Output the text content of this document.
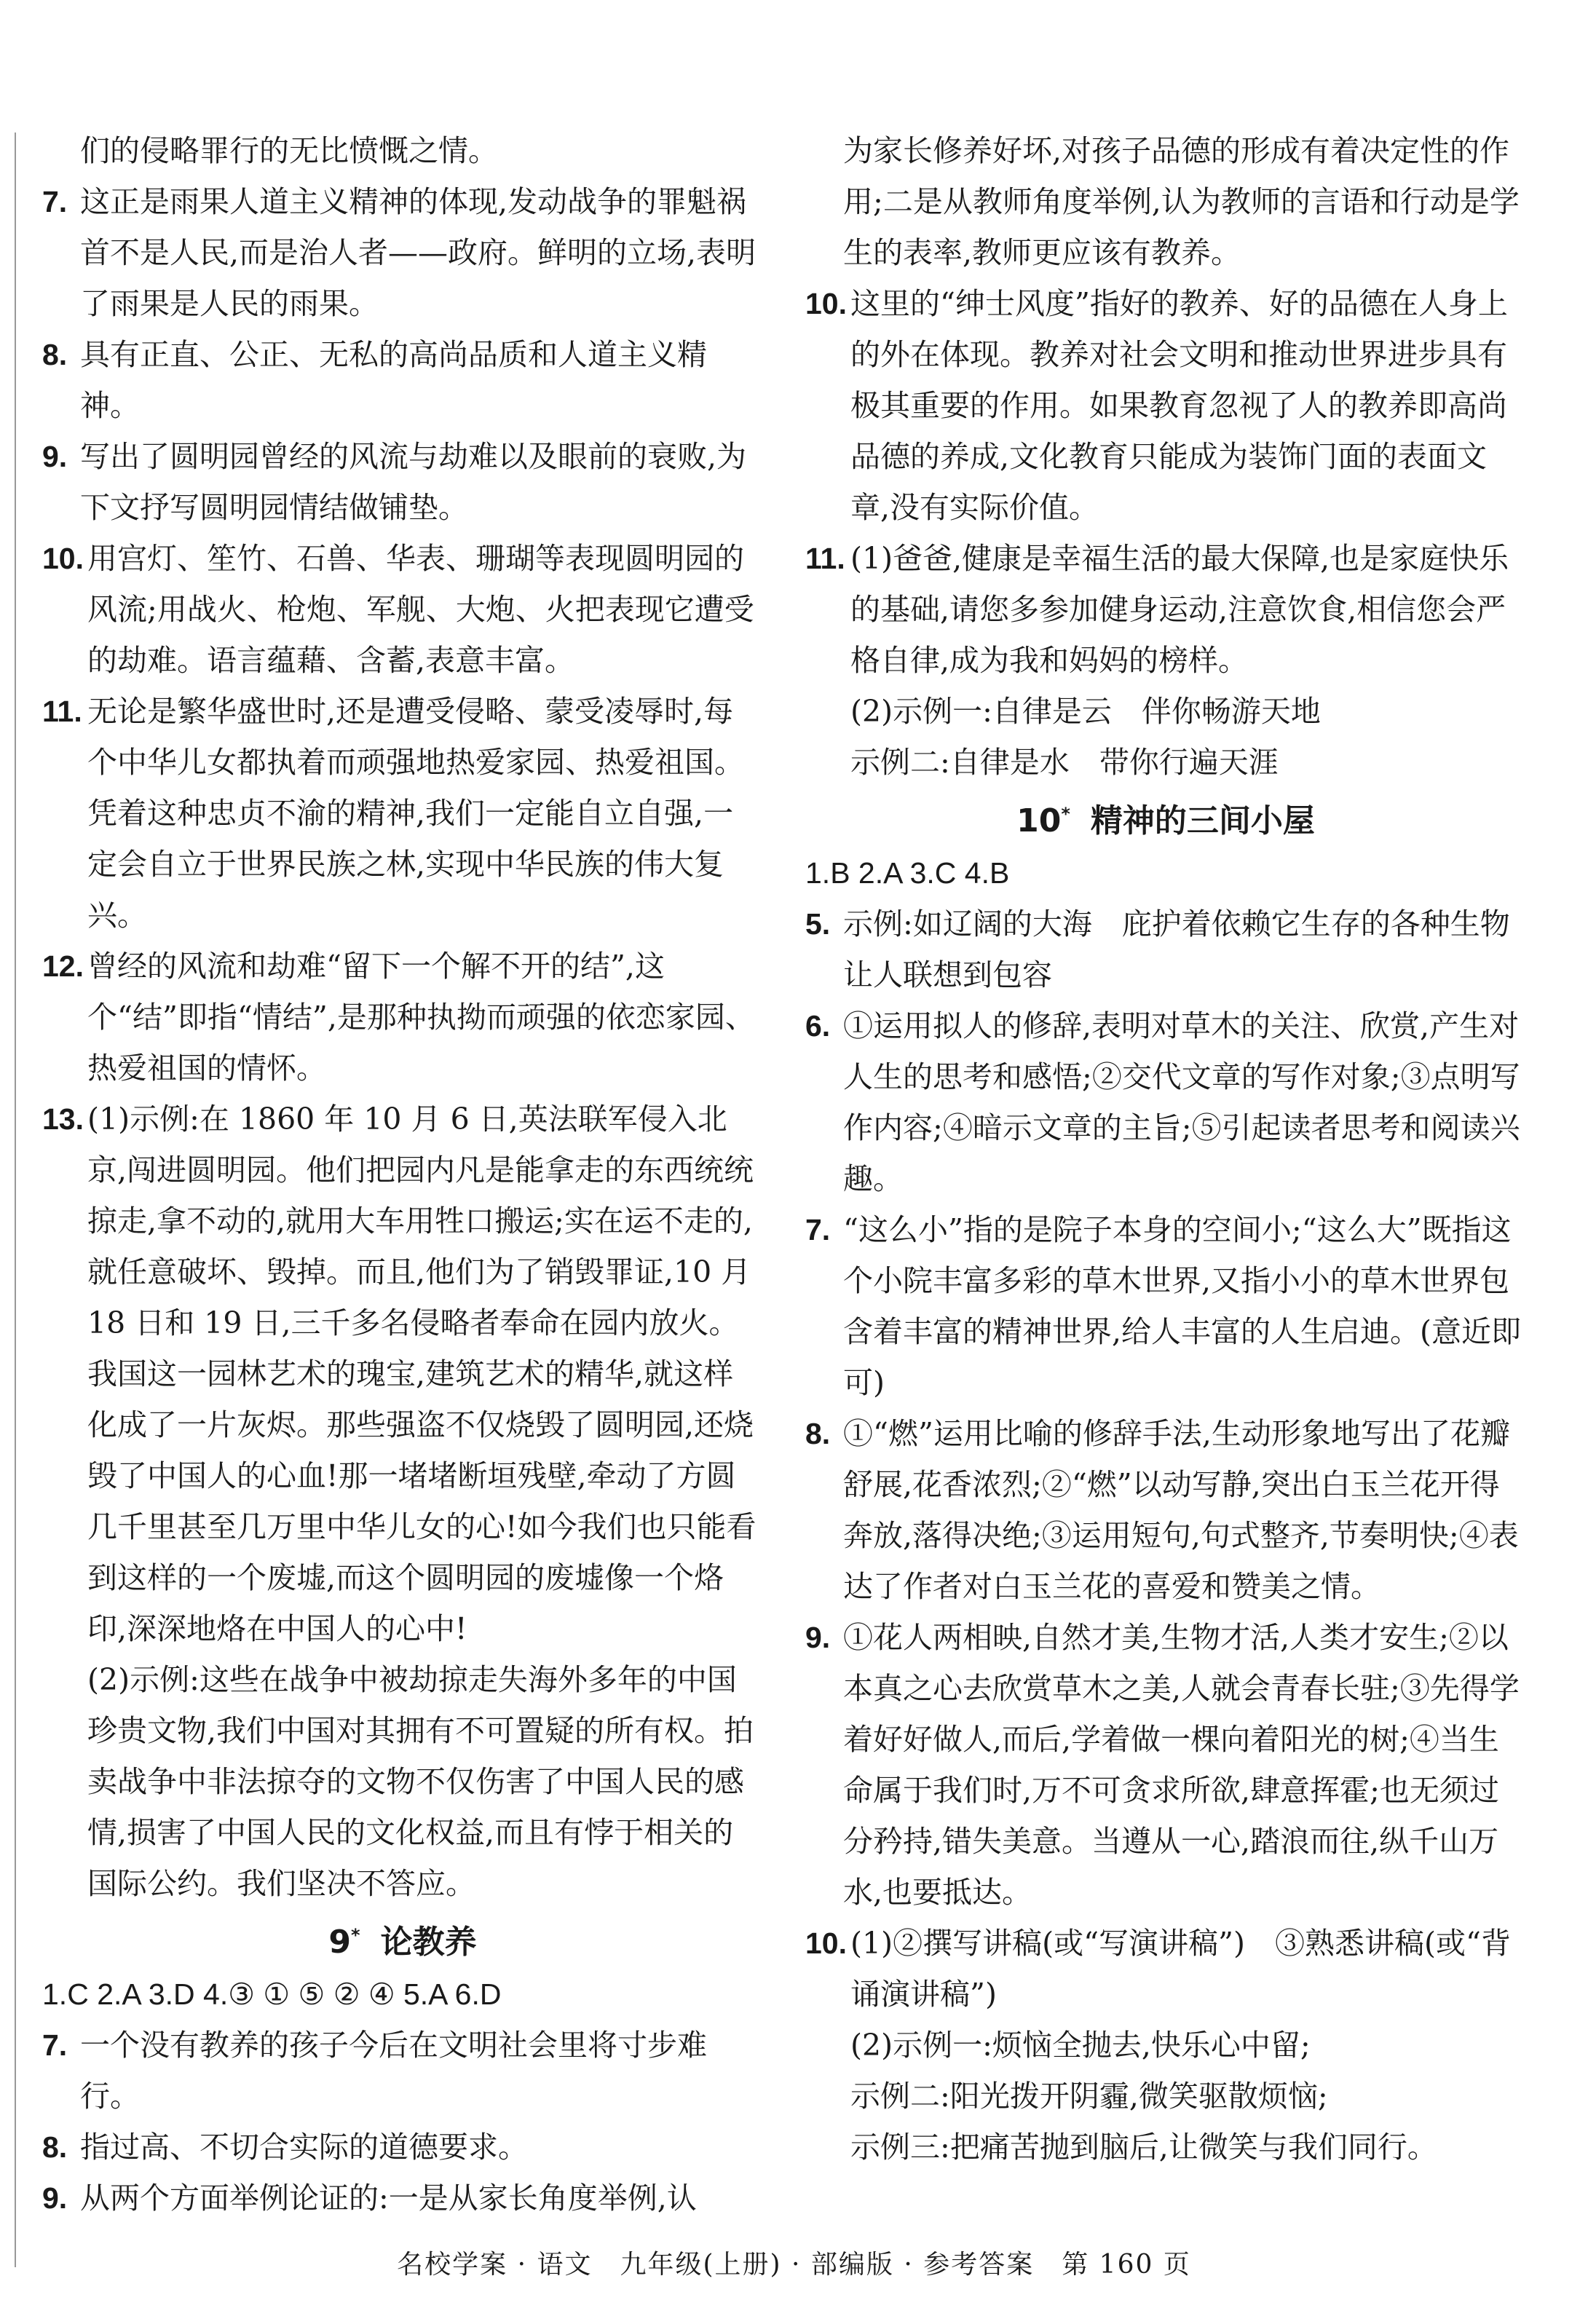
们的侵略罪行的无比愤慨之情。
7. 这正是雨果人道主义精神的体现,发动战争的罪魁祸首不是人民,而是治人者——政府。鲜明的立场,表明了雨果是人民的雨果。
8. 具有正直、公正、无私的高尚品质和人道主义精神。
9. 写出了圆明园曾经的风流与劫难以及眼前的衰败,为下文抒写圆明园情结做铺垫。
10. 用宫灯、笙竹、石兽、华表、珊瑚等表现圆明园的风流;用战火、枪炮、军舰、大炮、火把表现它遭受的劫难。语言蕴藉、含蓄,表意丰富。
11. 无论是繁华盛世时,还是遭受侵略、蒙受凌辱时,每个中华儿女都执着而顽强地热爱家园、热爱祖国。凭着这种忠贞不渝的精神,我们一定能自立自强,一定会自立于世界民族之林,实现中华民族的伟大复兴。
12. 曾经的风流和劫难“留下一个解不开的结”,这个“结”即指“情结”,是那种执拗而顽强的依恋家园、热爱祖国的情怀。
13. (1)示例:在 1860 年 10 月 6 日,英法联军侵入北京,闯进圆明园。他们把园内凡是能拿走的东西统统掠走,拿不动的,就用大车用牲口搬运;实在运不走的,就任意破坏、毁掉。而且,他们为了销毁罪证,10 月 18 日和 19 日,三千多名侵略者奉命在园内放火。我国这一园林艺术的瑰宝,建筑艺术的精华,就这样化成了一片灰烬。那些强盗不仅烧毁了圆明园,还烧毁了中国人的心血!那一堵堵断垣残壁,牵动了方圆几千里甚至几万里中华儿女的心!如今我们也只能看到这样的一个废墟,而这个圆明园的废墟像一个烙印,深深地烙在中国人的心中!
(2)示例:这些在战争中被劫掠走失海外多年的中国珍贵文物,我们中国对其拥有不可置疑的所有权。拍卖战争中非法掠夺的文物不仅伤害了中国人民的感情,损害了中国人民的文化权益,而且有悖于相关的国际公约。我们坚决不答应。
9* 论教养
1.C 2.A 3.D 4.③ ① ⑤ ② ④ 5.A 6.D
7. 一个没有教养的孩子今后在文明社会里将寸步难行。
8. 指过高、不切合实际的道德要求。
9. 从两个方面举例论证的:一是从家长角度举例,认
为家长修养好坏,对孩子品德的形成有着决定性的作用;二是从教师角度举例,认为教师的言语和行动是学生的表率,教师更应该有教养。
10. 这里的“绅士风度”指好的教养、好的品德在人身上的外在体现。教养对社会文明和推动世界进步具有极其重要的作用。如果教育忽视了人的教养即高尚品德的养成,文化教育只能成为装饰门面的表面文章,没有实际价值。
11. (1)爸爸,健康是幸福生活的最大保障,也是家庭快乐的基础,请您多参加健身运动,注意饮食,相信您会严格自律,成为我和妈妈的榜样。
(2)示例一:自律是云　伴你畅游天地
示例二:自律是水　带你行遍天涯
10* 精神的三间小屋
1.B 2.A 3.C 4.B
5. 示例:如辽阔的大海　庇护着依赖它生存的各种生物　让人联想到包容
6. ①运用拟人的修辞,表明对草木的关注、欣赏,产生对人生的思考和感悟;②交代文章的写作对象;③点明写作内容;④暗示文章的主旨;⑤引起读者思考和阅读兴趣。
7. “这么小”指的是院子本身的空间小;“这么大”既指这个小院丰富多彩的草木世界,又指小小的草木世界包含着丰富的精神世界,给人丰富的人生启迪。(意近即可)
8. ①“燃”运用比喻的修辞手法,生动形象地写出了花瓣舒展,花香浓烈;②“燃”以动写静,突出白玉兰花开得奔放,落得决绝;③运用短句,句式整齐,节奏明快;④表达了作者对白玉兰花的喜爱和赞美之情。
9. ①花人两相映,自然才美,生物才活,人类才安生;②以本真之心去欣赏草木之美,人就会青春长驻;③先得学着好好做人,而后,学着做一棵向着阳光的树;④当生命属于我们时,万不可贪求所欲,肆意挥霍;也无须过分矜持,错失美意。当遵从一心,踏浪而往,纵千山万水,也要抵达。
10. (1)②撰写讲稿(或“写演讲稿”)　③熟悉讲稿(或“背诵演讲稿”)
(2)示例一:烦恼全抛去,快乐心中留;
示例二:阳光拨开阴霾,微笑驱散烦恼;
示例三:把痛苦抛到脑后,让微笑与我们同行。
名校学案 · 语文　九年级(上册) · 部编版 · 参考答案　第 160 页
